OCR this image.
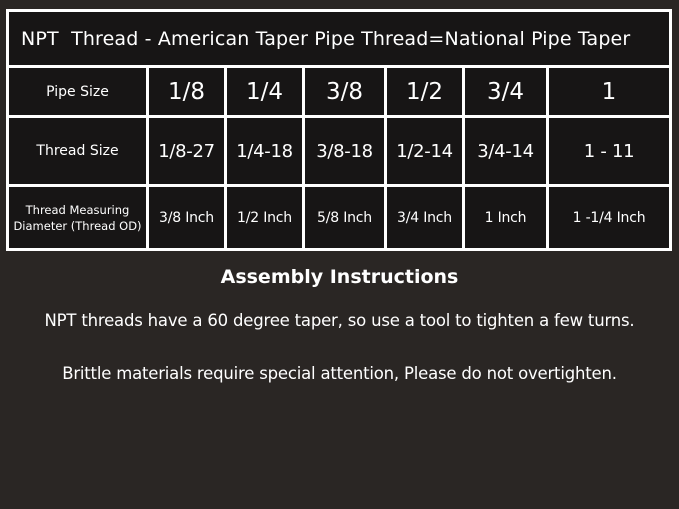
NPT  Thread - American Taper Pipe Thread=National Pipe Taper
Pipe Size	1/8	1/4	3/8	1/2	3/4	1
Thread Size	1/8-27	1/4-18	3/8-18	1/2-14	3/4-14	1 - 11
Thread Measuring
Diameter (Thread OD)	3/8 Inch	1/2 Inch	5/8 Inch	3/4 Inch	1 Inch	1 -1/4 Inch
Assembly Instructions
NPT threads have a 60 degree taper, so use a tool to tighten a few turns.
Brittle materials require special attention, Please do not overtighten.
